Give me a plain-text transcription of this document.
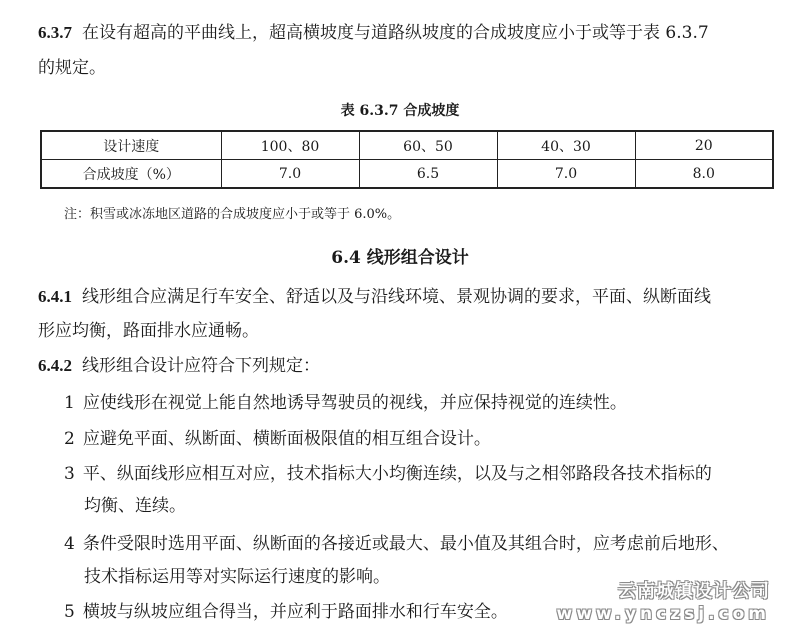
6.3.7 在设有超高的平曲线上，超高横坡度与道路纵坡度的合成坡度应小于或等于表 6.3.7
的规定。
表 6.3.7 合成坡度
设计速度	100、80	60、50	40、30	20
合成坡度（%）	7.0	6.5	7.0	8.0
注：积雪或冰冻地区道路的合成坡度应小于或等于 6.0%。
6.4 线形组合设计
6.4.1 线形组合应满足行车安全、舒适以及与沿线环境、景观协调的要求，平面、纵断面线
形应均衡，路面排水应通畅。
6.4.2 线形组合设计应符合下列规定：
1 应使线形在视觉上能自然地诱导驾驶员的视线，并应保持视觉的连续性。
2 应避免平面、纵断面、横断面极限值的相互组合设计。
3 平、纵面线形应相互对应，技术指标大小均衡连续，以及与之相邻路段各技术指标的
均衡、连续。
4 条件受限时选用平面、纵断面的各接近或最大、最小值及其组合时，应考虑前后地形、
技术指标运用等对实际运行速度的影响。
5 横坡与纵坡应组合得当，并应利于路面排水和行车安全。
云南城镇设计公司
www.ynczsj.com
